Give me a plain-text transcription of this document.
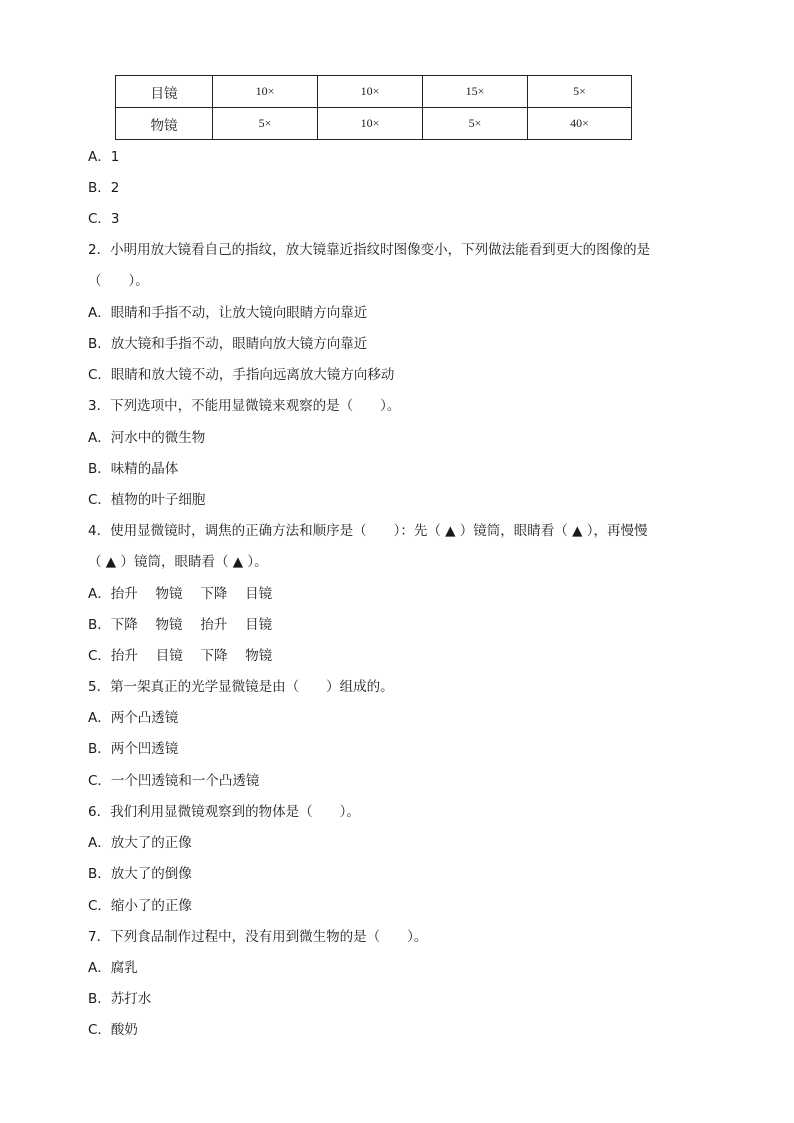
目镜	10×	10×	15×	5×
物镜	5×	10×	5×	40×
A．1
B．2
C．3
2．小明用放大镜看自己的指纹，放大镜靠近指纹时图像变小，下列做法能看到更大的图像的是
（　　）。
A．眼睛和手指不动，让放大镜向眼睛方向靠近
B．放大镜和手指不动，眼睛向放大镜方向靠近
C．眼睛和放大镜不动，手指向远离放大镜方向移动
3．下列选项中，不能用显微镜来观察的是（　　）。
A．河水中的微生物
B．味精的晶体
C．植物的叶子细胞
4．使用显微镜时，调焦的正确方法和顺序是（　　）：先（ ▲ ）镜筒，眼睛看（ ▲ ），再慢慢
（ ▲ ）镜筒，眼睛看（ ▲ ）。
A．抬升　 物镜　 下降　 目镜
B．下降　 物镜　 抬升　 目镜
C．抬升　 目镜　 下降　 物镜
5．第一架真正的光学显微镜是由（　　）组成的。
A．两个凸透镜
B．两个凹透镜
C．一个凹透镜和一个凸透镜
6．我们利用显微镜观察到的物体是（　　）。
A．放大了的正像
B．放大了的倒像
C．缩小了的正像
7．下列食品制作过程中，没有用到微生物的是（　　）。
A．腐乳
B．苏打水
C．酸奶
